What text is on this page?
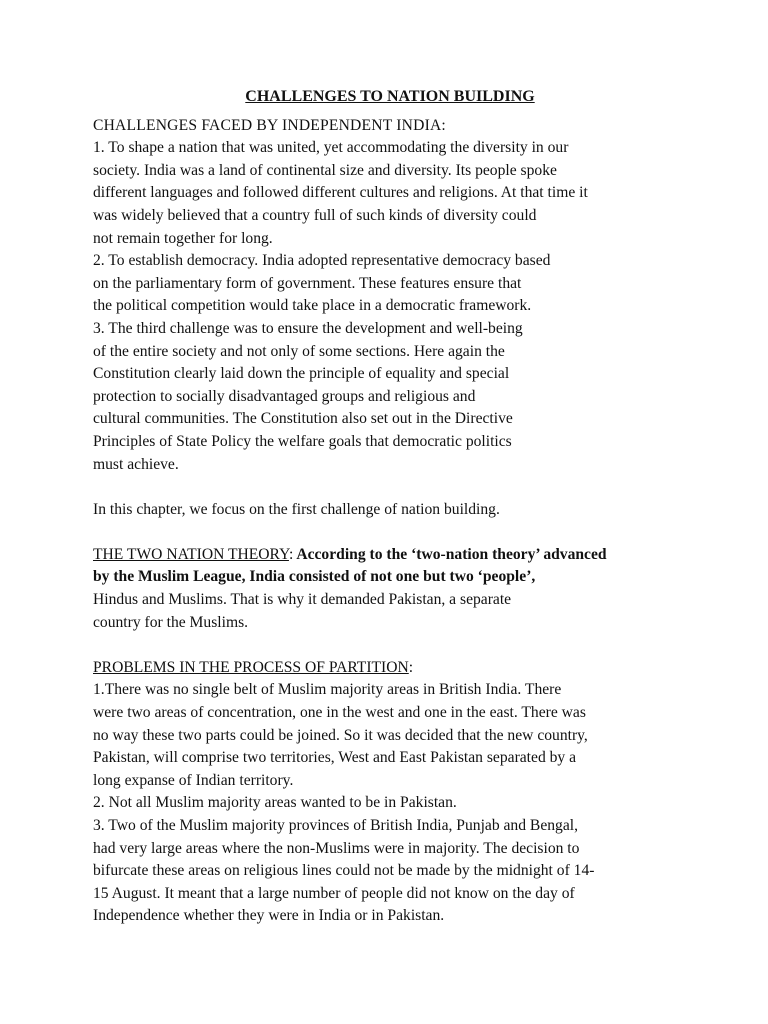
CHALLENGES TO NATION BUILDING
CHALLENGES FACED BY INDEPENDENT INDIA:
1. To shape a nation that was united, yet accommodating the diversity in our
society. India was a land of continental size and diversity. Its people spoke
different languages and followed different cultures and religions. At that time it
was widely believed that a country full of such kinds of diversity could
not remain together for long.
2. To establish democracy. India adopted representative democracy based
on the parliamentary form of government. These features ensure that
the political competition would take place in a democratic framework.
3. The third challenge was to ensure the development and well-being
of the entire society and not only of some sections. Here again the
Constitution clearly laid down the principle of equality and special
protection to socially disadvantaged groups and religious and
cultural communities. The Constitution also set out in the Directive
Principles of State Policy the welfare goals that democratic politics
must achieve.
In this chapter, we focus on the first challenge of nation building.
THE TWO NATION THEORY: According to the ‘two-nation theory’ advanced
by the Muslim League, India consisted of not one but two ‘people’,
Hindus and Muslims. That is why it demanded Pakistan, a separate
country for the Muslims.
PROBLEMS IN THE PROCESS OF PARTITION:
1.There was no single belt of Muslim majority areas in British India. There
were two areas of concentration, one in the west and one in the east. There was
no way these two parts could be joined. So it was decided that the new country,
Pakistan, will comprise two territories, West and East Pakistan separated by a
long expanse of Indian territory.
2. Not all Muslim majority areas wanted to be in Pakistan.
3. Two of the Muslim majority provinces of British India, Punjab and Bengal,
had very large areas where the non-Muslims were in majority. The decision to
bifurcate these areas on religious lines could not be made by the midnight of 14-
15 August. It meant that a large number of people did not know on the day of
Independence whether they were in India or in Pakistan.
